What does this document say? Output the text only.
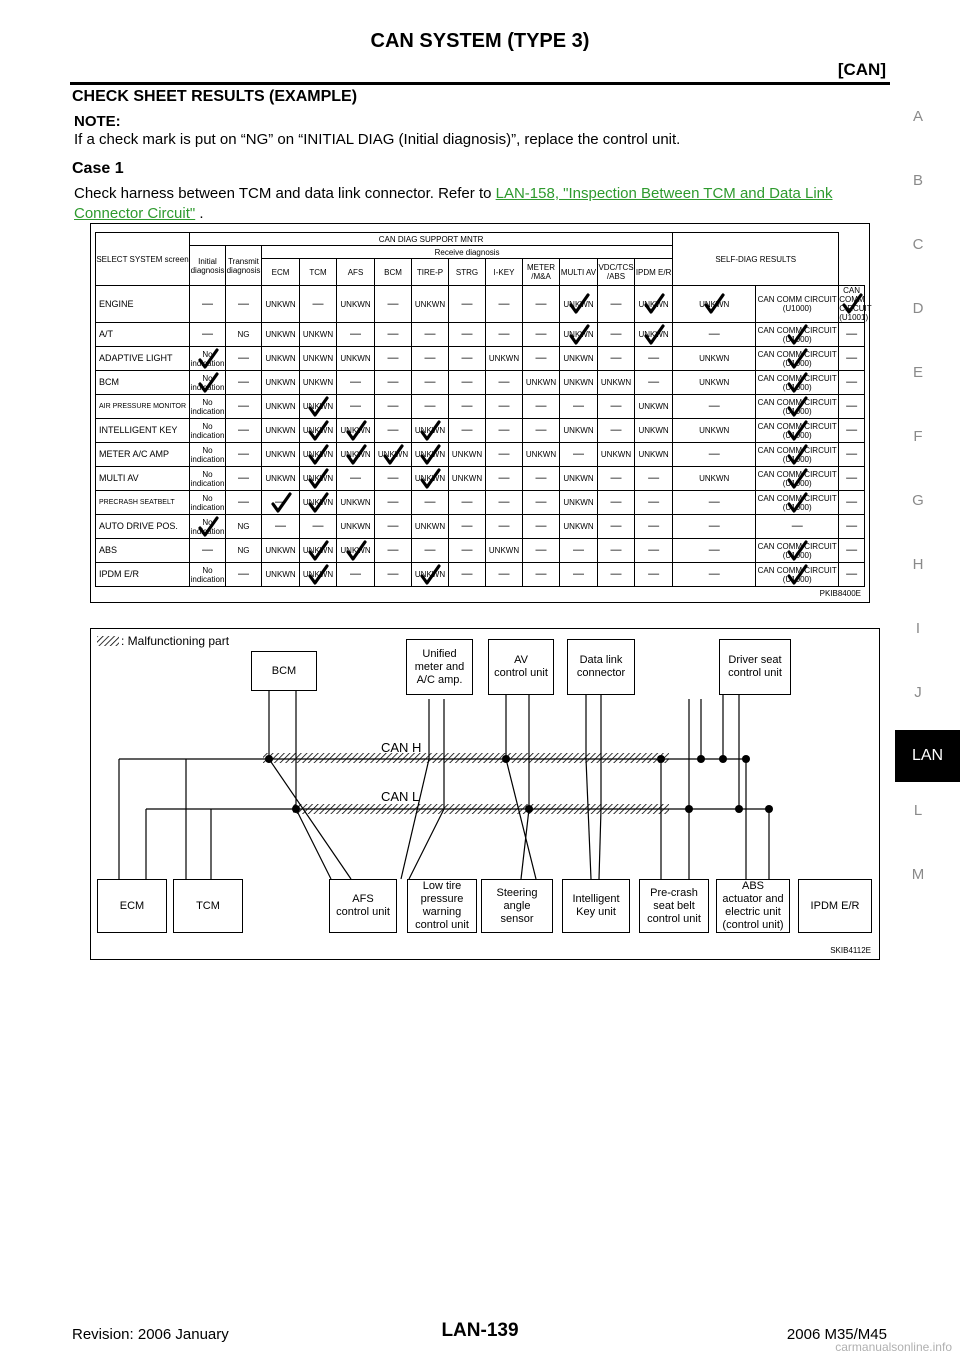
CAN SYSTEM (TYPE 3)
[CAN]
A
B
C
D
E
F
G
H
I
J
L
M
LAN
CHECK SHEET RESULTS (EXAMPLE)
NOTE:
If a check mark is put on “NG” on “INITIAL DIAG (Initial diagnosis)”, replace the control unit.
Case 1
Check harness between TCM and data link connector. Refer to LAN-158, "Inspection Between TCM and Data Link Connector Circuit" .
SELECT SYSTEM screen	CAN DIAG SUPPORT MNTR													SELF-DIAG RESULTS		
	Initial diagnosis	Transmit diagnosis	Receive diagnosis													
			ECM	TCM	AFS	BCM	TIRE-P	STRG	I-KEY	METER /M&A	MULTI AV	VDC/TCS /ABS	IPDM E/R			
ENGINE	—	—	UNKWN	—	UNKWN	—	UNKWN	—	—	—	UNKWN	—	UNKWN	UNKWN	CAN COMM CIRCUIT (U1000)	CAN COMM CIRCUIT (U1001)

A/T	—	NG	UNKWN	UNKWN	—	—	—	—	—	—	UNKWN	—	UNKWN	—	CAN COMM CIRCUIT (U1000)	—
ADAPTIVE LIGHT	No indication	—	UNKWN	UNKWN	UNKWN	—	—	—	UNKWN	—	UNKWN	—	—	UNKWN	CAN COMM CIRCUIT (U1000)	—
BCM	No indication	—	UNKWN	UNKWN	—	—	—	—	—	UNKWN	UNKWN	UNKWN	—	UNKWN	CAN COMM CIRCUIT (U1000)	—
AIR PRESSURE MONITOR	No indication	—	UNKWN	UNKWN	—	—	—	—	—	—	—	—	UNKWN	—	CAN COMM CIRCUIT (U1000)	—
INTELLIGENT KEY	No indication	—	UNKWN	UNKWN	UNKWN	—	UNKWN	—	—	—	UNKWN	—	UNKWN	UNKWN	CAN COMM CIRCUIT (U1000)	—
METER A/C AMP	No indication	—	UNKWN	UNKWN	UNKWN	UNKWN	UNKWN	UNKWN	—	UNKWN	—	UNKWN	UNKWN	—	CAN COMM CIRCUIT (U1000)	—
MULTI AV	No indication	—	UNKWN	UNKWN	—	—	UNKWN	UNKWN	—	—	UNKWN	—	—	UNKWN	CAN COMM CIRCUIT (U1000)	—
PRECRASH SEATBELT	No indication	—	—	UNKWN	UNKWN	—	—	—	—	—	UNKWN	—	—	—	CAN COMM CIRCUIT (U1000)	—
AUTO DRIVE POS.	No indication	NG	—	—	UNKWN	—	UNKWN	—	—	—	UNKWN	—	—	—	—	—
ABS	—	NG	UNKWN	UNKWN	UNKWN	—	—	—	UNKWN	—	—	—	—	—	CAN COMM CIRCUIT (U1000)	—
IPDM E/R	No indication	—	UNKWN	UNKWN	—	—	UNKWN	—	—	—	—	—	—	—	CAN COMM CIRCUIT (U1000)	—
PKIB8400E
: Malfunctioning part
CAN H
CAN L
BCM
Unified
meter and
A/C amp.
AV
control unit
Data link
connector
Driver seat
control unit
ECM	TCM
AFS
control unit
Low tire
pressure
warning
control unit
Steering
angle
sensor
Intelligent
Key unit
Pre-crash
seat belt
control unit
ABS
actuator and
electric unit
(control unit)
IPDM E/R
SKIB4112E
Revision: 2006 January	LAN-139	2006 M35/M45
carmanualsonline.info
